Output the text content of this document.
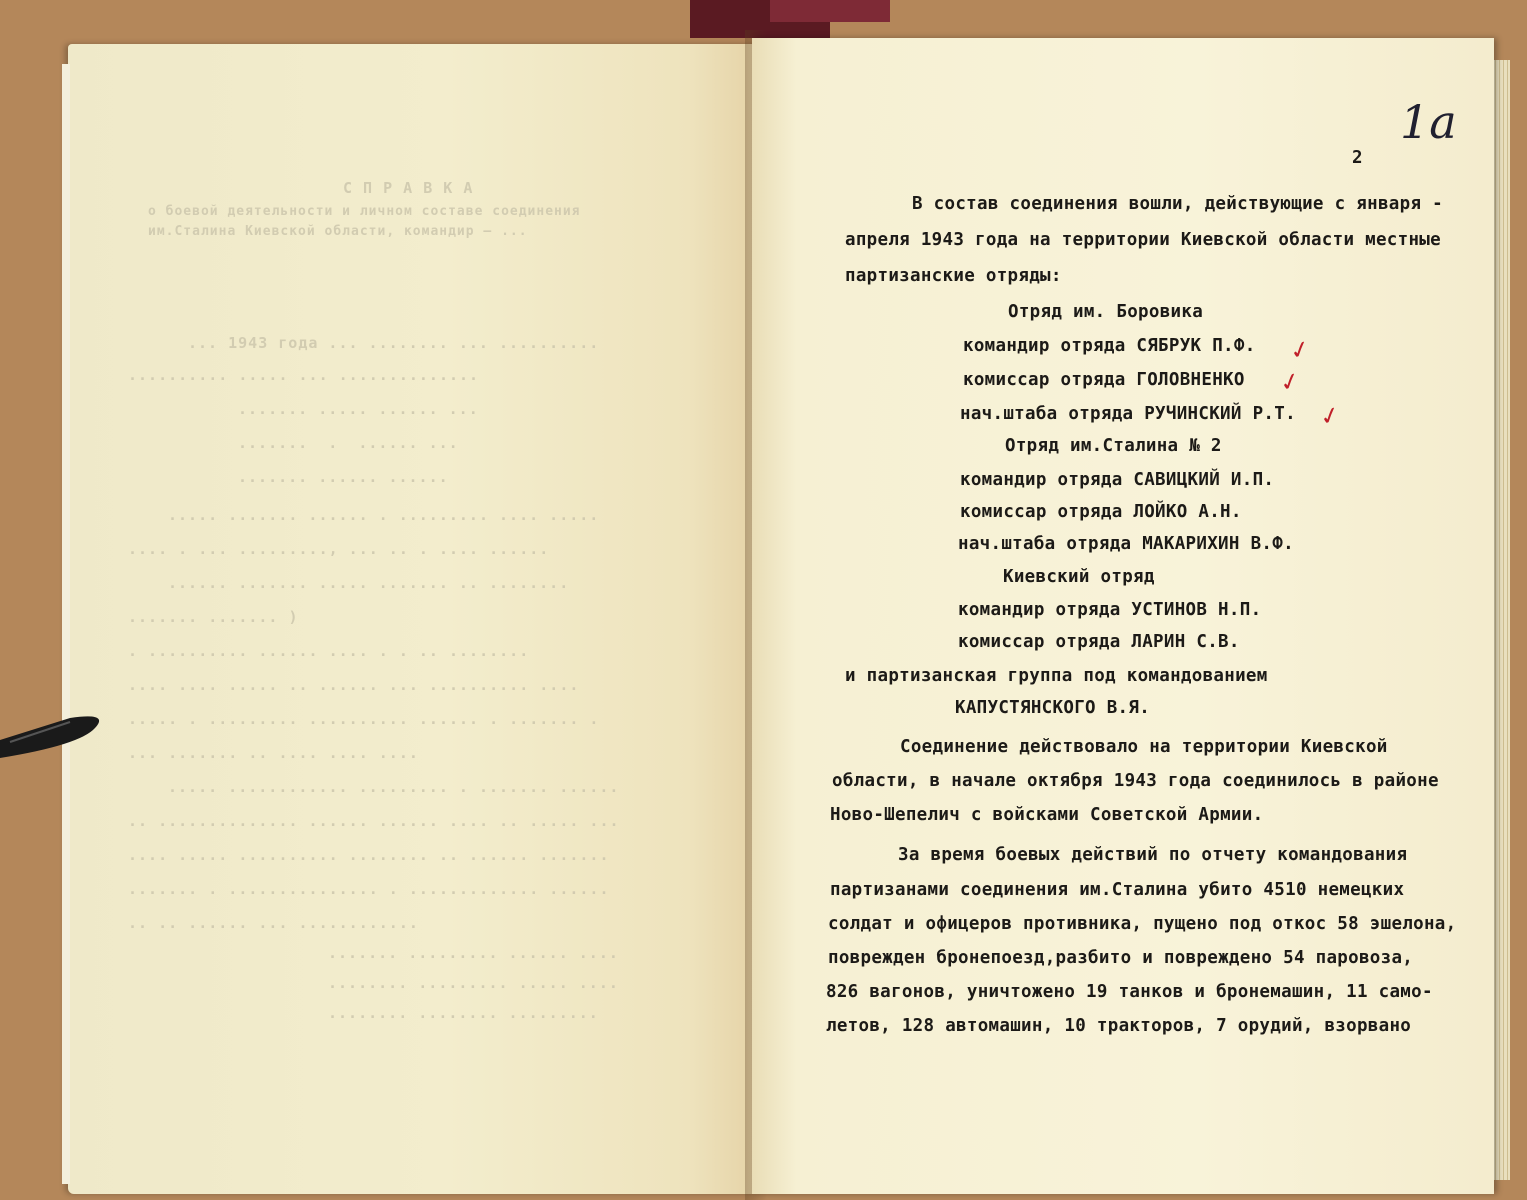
С П Р А В К А
о боевой деятельности и личном составе соединения
им.Сталина Киевской области, командир — ...
... 1943 года ... ........ ... ..........
.......... ..... ... ..............
....... ..... ...... ...
.......  .  ...... ...
....... ...... ......
..... ....... ...... . ......... .... .....
.... . ... ........., ... .. . .... ......
...... ....... ..... ....... .. ........
....... ....... )
. .......... ...... .... . . .. ........
.... .... ..... .. ...... ... .......... ....
..... . ......... .......... ...... . ....... .
... ....... .. .... .... ....
..... ............ ......... . ....... ......
.. .............. ...... ...... .... .. ..... ...
.... ..... .......... ........ .. ...... .......
....... . ............... . ............. ......
.. .. ...... ... ............
....... ......... ...... ....
........ ......... ..... ....
........ ........ .........
1a
2
В состав соединения вошли, действующие с января -
апреля 1943 года на территории Киевской области местные
партизанские отряды:
Отряд им. Боровика
командир отряда СЯБРУК П.Ф.
комиссар отряда ГОЛОВНЕНКО
нач.штаба отряда РУЧИНСКИЙ Р.Т.
Отряд им.Сталина № 2
командир отряда САВИЦКИЙ И.П.
комиссар отряда ЛОЙКО А.Н.
нач.штаба отряда МАКАРИХИН В.Ф.
Киевский отряд
командир отряда УСТИНОВ Н.П.
комиссар отряда ЛАРИН С.В.
и партизанская группа под командованием
КАПУСТЯНСКОГО В.Я.
Соединение действовало на территории Киевской
области, в начале октября 1943 года соединилось в районе
Ново-Шепелич с войсками Советской Армии.
За время боевых действий по отчету командования
партизанами соединения им.Сталина убито 4510 немецких
солдат и офицеров противника, пущено под откос 58 эшелона,
поврежден бронепоезд,разбито и повреждено 54 паровоза,
826 вагонов, уничтожено 19 танков и бронемашин, 11 само-
летов, 128 автомашин, 10 тракторов, 7 орудий, взорвано
✓
✓
✓
